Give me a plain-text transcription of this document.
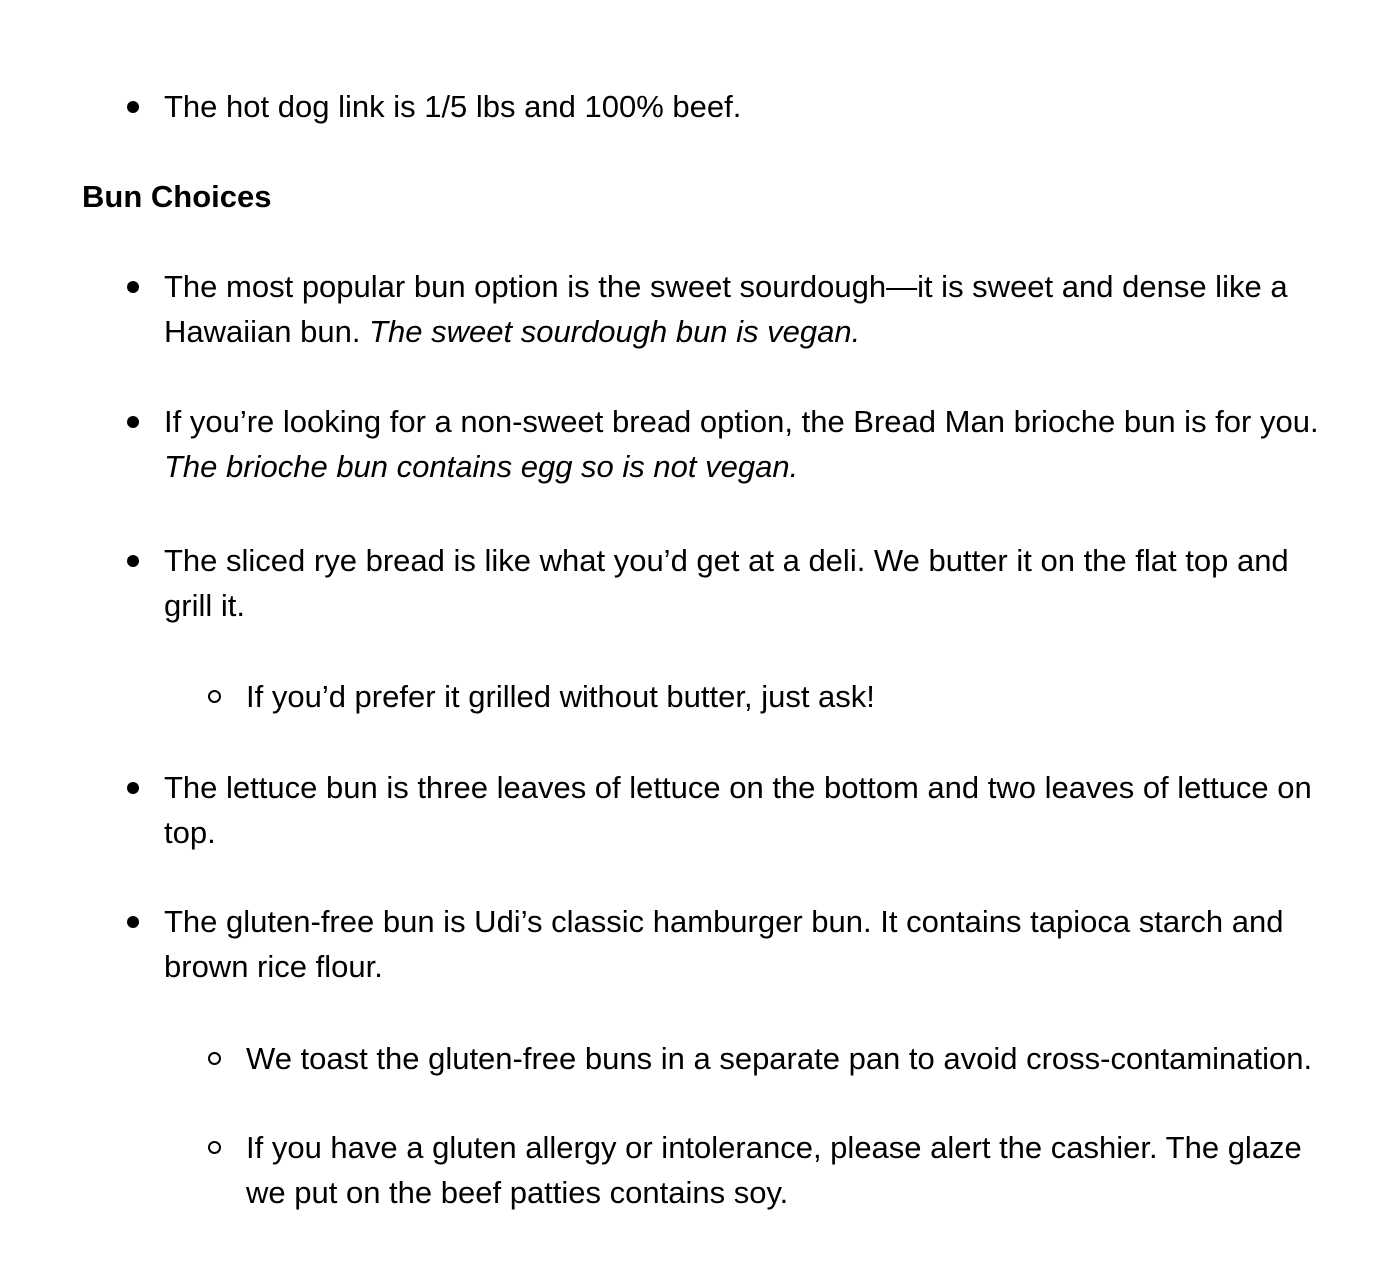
The hot dog link is 1/5 lbs and 100% beef.

Bun Choices

The most popular bun option is the sweet sourdough—it is sweet and dense like a Hawaiian bun. The sweet sourdough bun is vegan.

If you’re looking for a non-sweet bread option, the Bread Man brioche bun is for you. The brioche bun contains egg so is not vegan.

The sliced rye bread is like what you’d get at a deli. We butter it on the flat top and grill it.

If you’d prefer it grilled without butter, just ask!

The lettuce bun is three leaves of lettuce on the bottom and two leaves of lettuce on top.

The gluten-free bun is Udi’s classic hamburger bun. It contains tapioca starch and brown rice flour.

We toast the gluten-free buns in a separate pan to avoid cross-contamination.

If you have a gluten allergy or intolerance, please alert the cashier. The glaze we put on the beef patties contains soy.
